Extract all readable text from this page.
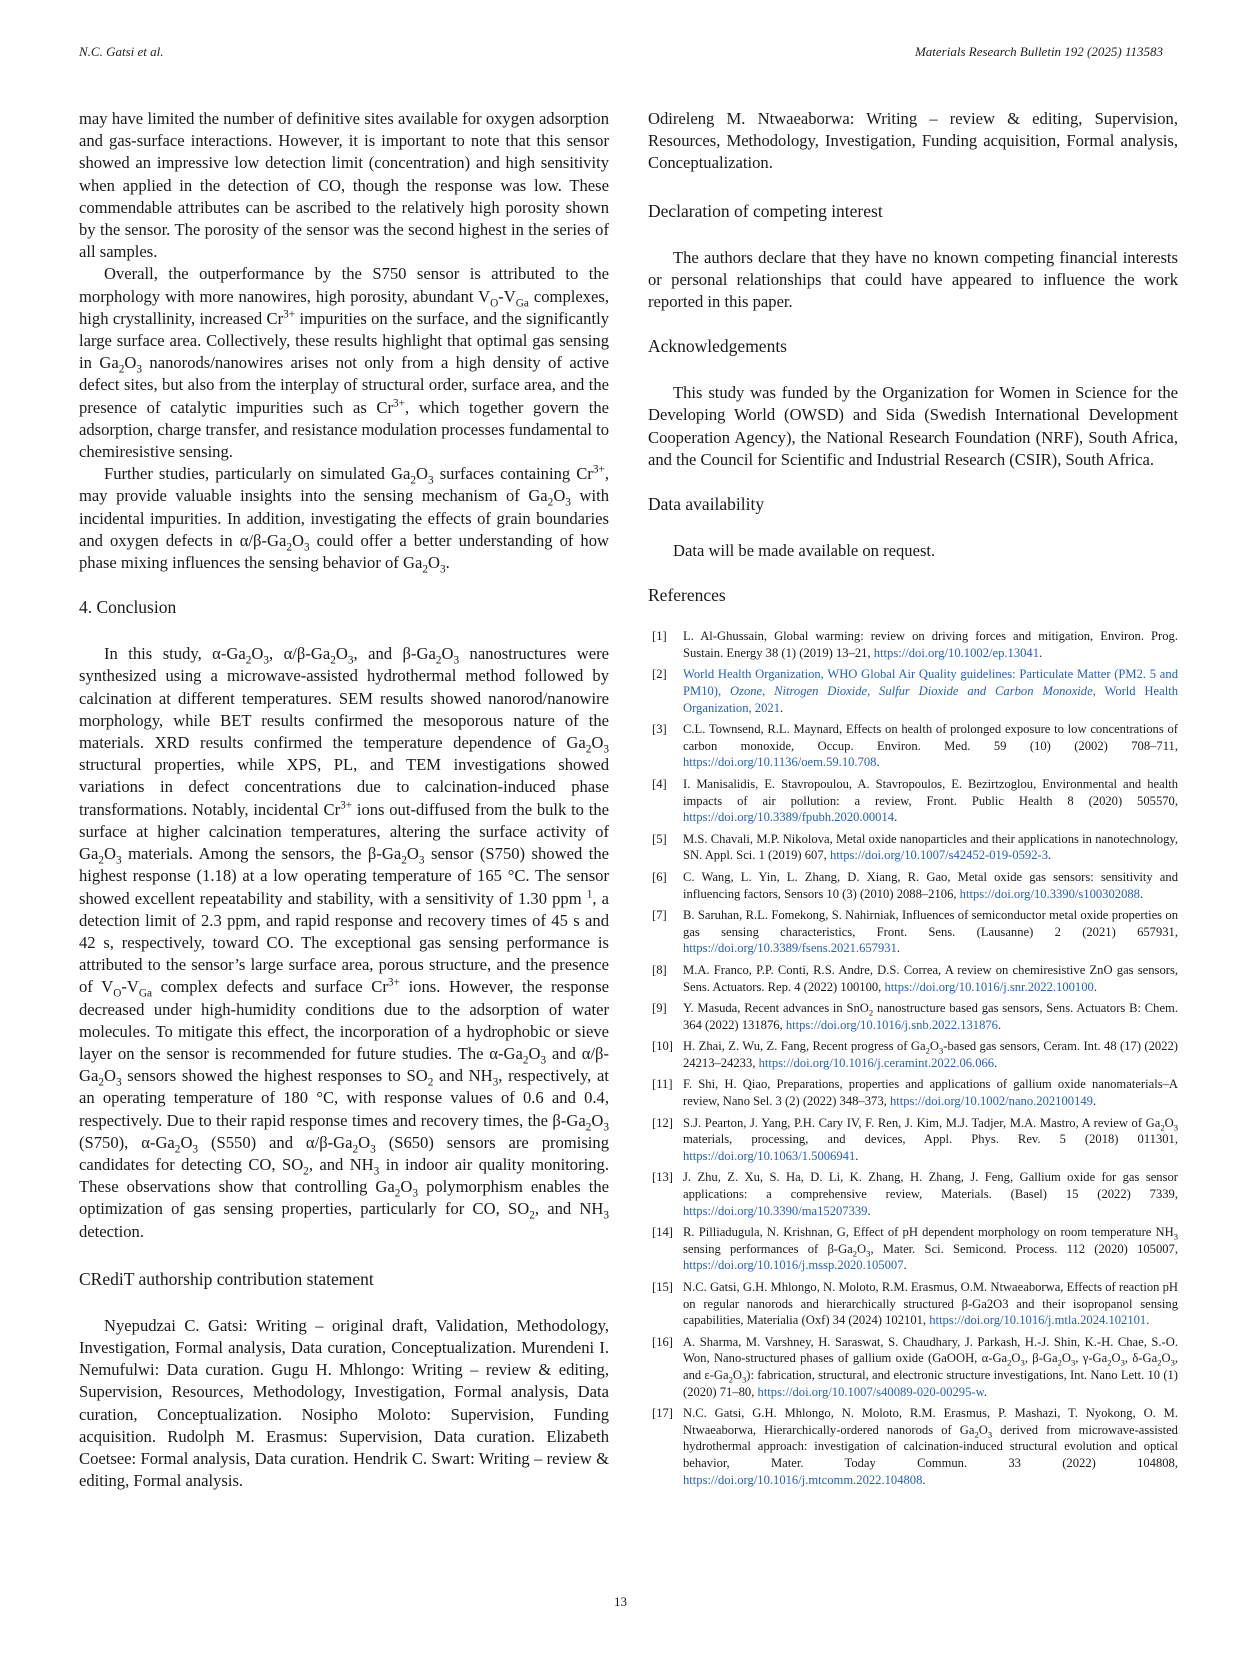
N.C. Gatsi et al.	Materials Research Bulletin 192 (2025) 113583

may have limited the number of definitive sites available for oxygen adsorption and gas-surface interactions. However, it is important to note that this sensor showed an impressive low detection limit (concentration) and high sensitivity when applied in the detection of CO, though the response was low. These commendable attributes can be ascribed to the relatively high porosity shown by the sensor. The porosity of the sensor was the second highest in the series of all samples.

Overall, the outperformance by the S750 sensor is attributed to the morphology with more nanowires, high porosity, abundant $V_O-V_{Ga}$ complexes, high crystallinity, increased $Cr^{3+}$ impurities on the surface, and the significantly large surface area. Collectively, these results highlight that optimal gas sensing in $Ga_2O_3$ nanorods/nanowires arises not only from a high density of active defect sites, but also from the interplay of structural order, surface area, and the presence of catalytic impurities such as $Cr^{3+}$, which together govern the adsorption, charge transfer, and resistance modulation processes fundamental to chemiresistive sensing.

Further studies, particularly on simulated $Ga_2O_3$ surfaces containing $Cr^{3+}$, may provide valuable insights into the sensing mechanism of $Ga_2O_3$ with incidental impurities. In addition, investigating the effects of grain boundaries and oxygen defects in $\alpha/\beta-Ga_2O_3$ could offer a better understanding of how phase mixing influences the sensing behavior of $Ga_2O_3$.

4. Conclusion

In this study, $\alpha-Ga_2O_3$, $\alpha/\beta-Ga_2O_3$, and $\beta-Ga_2O_3$ nanostructures were synthesized using a microwave-assisted hydrothermal method followed by calcination at different temperatures. SEM results showed nanorod/nanowire morphology, while BET results confirmed the mesoporous nature of the materials. XRD results confirmed the temperature dependence of $Ga_2O_3$ structural properties, while XPS, PL, and TEM investigations showed variations in defect concentrations due to calcination-induced phase transformations. Notably, incidental $Cr^{3+}$ ions out-diffused from the bulk to the surface at higher calcination temperatures, altering the surface activity of $Ga_2O_3$ materials. Among the sensors, the $\beta-Ga_2O_3$ sensor (S750) showed the highest response (1.18) at a low operating temperature of 165 °C. The sensor showed excellent repeatability and stability, with a sensitivity of 1.30 ppm $^1$, a detection limit of 2.3 ppm, and rapid response and recovery times of 45 s and 42 s, respectively, toward CO. The exceptional gas sensing performance is attributed to the sensor’s large surface area, porous structure, and the presence of $V_O-V_{Ga}$ complex defects and surface $Cr^{3+}$ ions. However, the response decreased under high-humidity conditions due to the adsorption of water molecules. To mitigate this effect, the incorporation of a hydrophobic or sieve layer on the sensor is recommended for future studies. The $\alpha-Ga_2O_3$ and $\alpha/\beta-Ga_2O_3$ sensors showed the highest responses to $SO_2$ and $NH_3$, respectively, at an operating temperature of 180 °C, with response values of 0.6 and 0.4, respectively. Due to their rapid response times and recovery times, the $\beta-Ga_2O_3$ (S750), $\alpha-Ga_2O_3$ (S550) and $\alpha/\beta-Ga_2O_3$ (S650) sensors are promising candidates for detecting CO, $SO_2$, and $NH_3$ in indoor air quality monitoring. These observations show that controlling $Ga_2O_3$ polymorphism enables the optimization of gas sensing properties, particularly for CO, $SO_2$, and $NH_3$ detection.

CRediT authorship contribution statement

Nyepudzai C. Gatsi: Writing – original draft, Validation, Methodology, Investigation, Formal analysis, Data curation, Conceptualization. Murendeni I. Nemufulwi: Data curation. Gugu H. Mhlongo: Writing – review & editing, Supervision, Resources, Methodology, Investigation, Formal analysis, Data curation, Conceptualization. Nosipho Moloto: Supervision, Funding acquisition. Rudolph M. Erasmus: Supervision, Data curation. Elizabeth Coetsee: Formal analysis, Data curation. Hendrik C. Swart: Writing – review & editing, Formal analysis.

Odireleng M. Ntwaeaborwa: Writing – review & editing, Supervision, Resources, Methodology, Investigation, Funding acquisition, Formal analysis, Conceptualization.

Declaration of competing interest

The authors declare that they have no known competing financial interests or personal relationships that could have appeared to influence the work reported in this paper.

Acknowledgements

This study was funded by the Organization for Women in Science for the Developing World (OWSD) and Sida (Swedish International Development Cooperation Agency), the National Research Foundation (NRF), South Africa, and the Council for Scientific and Industrial Research (CSIR), South Africa.

Data availability

Data will be made available on request.

References
[1] L. Al-Ghussain, Global warming: review on driving forces and mitigation, Environ. Prog. Sustain. Energy 38 (1) (2019) 13–21, https://doi.org/10.1002/ep.13041.
[2] World Health Organization, WHO Global Air Quality guidelines: Particulate Matter (PM2. 5 and PM10), Ozone, Nitrogen Dioxide, Sulfur Dioxide and Carbon Monoxide, World Health Organization, 2021.
[3] C.L. Townsend, R.L. Maynard, Effects on health of prolonged exposure to low concentrations of carbon monoxide, Occup. Environ. Med. 59 (10) (2002) 708–711, https://doi.org/10.1136/oem.59.10.708.
[4] I. Manisalidis, E. Stavropoulou, A. Stavropoulos, E. Bezirtzoglou, Environmental and health impacts of air pollution: a review, Front. Public Health 8 (2020) 505570, https://doi.org/10.3389/fpubh.2020.00014.
[5] M.S. Chavali, M.P. Nikolova, Metal oxide nanoparticles and their applications in nanotechnology, SN. Appl. Sci. 1 (2019) 607, https://doi.org/10.1007/s42452-019-0592-3.
[6] C. Wang, L. Yin, L. Zhang, D. Xiang, R. Gao, Metal oxide gas sensors: sensitivity and influencing factors, Sensors 10 (3) (2010) 2088–2106, https://doi.org/10.3390/s100302088.
[7] B. Saruhan, R.L. Fomekong, S. Nahirniak, Influences of semiconductor metal oxide properties on gas sensing characteristics, Front. Sens. (Lausanne) 2 (2021) 657931, https://doi.org/10.3389/fsens.2021.657931.
[8] M.A. Franco, P.P. Conti, R.S. Andre, D.S. Correa, A review on chemiresistive ZnO gas sensors, Sens. Actuators. Rep. 4 (2022) 100100, https://doi.org/10.1016/j.snr.2022.100100.
[9] Y. Masuda, Recent advances in SnO$_2$ nanostructure based gas sensors, Sens. Actuators B: Chem. 364 (2022) 131876, https://doi.org/10.1016/j.snb.2022.131876.
[10] H. Zhai, Z. Wu, Z. Fang, Recent progress of $Ga_2O_3$-based gas sensors, Ceram. Int. 48 (17) (2022) 24213–24233, https://doi.org/10.1016/j.ceramint.2022.06.066.
[11] F. Shi, H. Qiao, Preparations, properties and applications of gallium oxide nanomaterials–A review, Nano Sel. 3 (2) (2022) 348–373, https://doi.org/10.1002/nano.202100149.
[12] S.J. Pearton, J. Yang, P.H. Cary IV, F. Ren, J. Kim, M.J. Tadjer, M.A. Mastro, A review of $Ga_2O_3$ materials, processing, and devices, Appl. Phys. Rev. 5 (2018) 011301, https://doi.org/10.1063/1.5006941.
[13] J. Zhu, Z. Xu, S. Ha, D. Li, K. Zhang, H. Zhang, J. Feng, Gallium oxide for gas sensor applications: a comprehensive review, Materials. (Basel) 15 (2022) 7339, https://doi.org/10.3390/ma15207339.
[14] R. Pilliadugula, N. Krishnan, G, Effect of pH dependent morphology on room temperature $NH_3$ sensing performances of $\beta-Ga_2O_3$, Mater. Sci. Semicond. Process. 112 (2020) 105007, https://doi.org/10.1016/j.mssp.2020.105007.
[15] N.C. Gatsi, G.H. Mhlongo, N. Moloto, R.M. Erasmus, O.M. Ntwaeaborwa, Effects of reaction pH on regular nanorods and hierarchically structured β-Ga2O3 and their isopropanol sensing capabilities, Materialia (Oxf) 34 (2024) 102101, https://doi.org/10.1016/j.mtla.2024.102101.
[16] A. Sharma, M. Varshney, H. Saraswat, S. Chaudhary, J. Parkash, H.-J. Shin, K.-H. Chae, S.-O. Won, Nano-structured phases of gallium oxide (GaOOH, $\alpha-Ga_2O_3$, $\beta-Ga_2O_3$, $\gamma-Ga_2O_3$, $\delta-Ga_2O_3$, and $\varepsilon-Ga_2O_3$): fabrication, structural, and electronic structure investigations, Int. Nano Lett. 10 (1) (2020) 71–80, https://doi.org/10.1007/s40089-020-00295-w.
[17] N.C. Gatsi, G.H. Mhlongo, N. Moloto, R.M. Erasmus, P. Mashazi, T. Nyokong, O. M. Ntwaeaborwa, Hierarchically-ordered nanorods of $Ga_2O_3$ derived from microwave-assisted hydrothermal approach: investigation of calcination-induced structural evolution and optical behavior, Mater. Today Commun. 33 (2022) 104808, https://doi.org/10.1016/j.mtcomm.2022.104808.
13
